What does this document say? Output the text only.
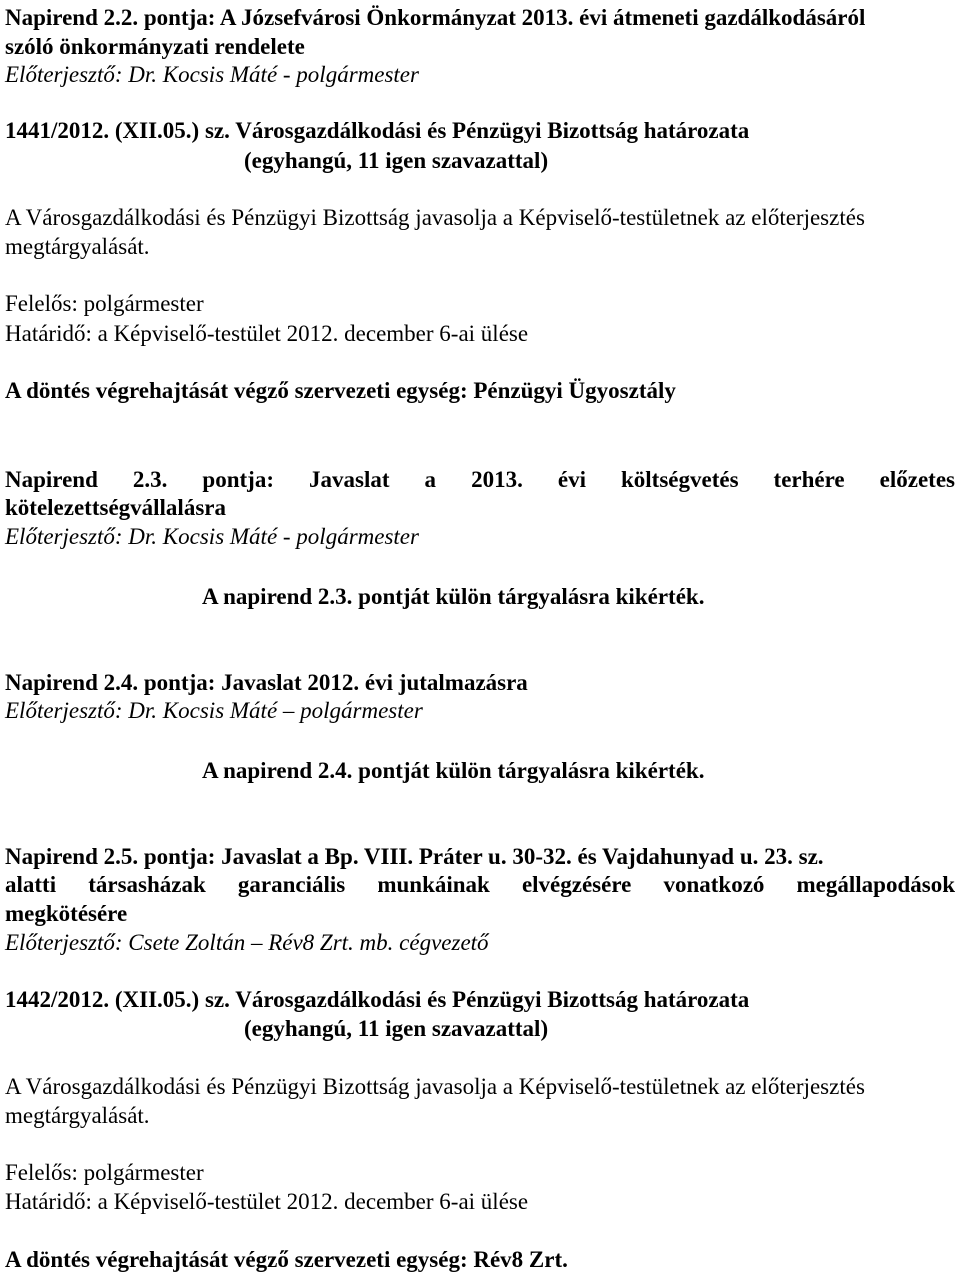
Napirend 2.2. pontja: A Józsefvárosi Önkormányzat 2013. évi átmeneti gazdálkodásáról
szóló önkormányzati rendelete
Előterjesztő: Dr. Kocsis Máté - polgármester
1441/2012. (XII.05.) sz. Városgazdálkodási és Pénzügyi Bizottság határozata
(egyhangú, 11 igen szavazattal)
A Városgazdálkodási és Pénzügyi Bizottság javasolja a Képviselő-testületnek az előterjesztés
megtárgyalását.
Felelős: polgármester
Határidő: a Képviselő-testület 2012. december 6-ai ülése
A döntés végrehajtását végző szervezeti egység: Pénzügyi Ügyosztály
Napirend 2.3. pontja: Javaslat a 2013. évi költségvetés terhére előzetes
kötelezettségvállalásra
Előterjesztő: Dr. Kocsis Máté - polgármester
A napirend 2.3. pontját külön tárgyalásra kikérték.
Napirend 2.4. pontja: Javaslat 2012. évi jutalmazásra
Előterjesztő: Dr. Kocsis Máté – polgármester
A napirend 2.4. pontját külön tárgyalásra kikérték.
Napirend 2.5. pontja: Javaslat a Bp. VIII. Práter u. 30-32. és Vajdahunyad u. 23. sz.
alatti társasházak garanciális munkáinak elvégzésére vonatkozó megállapodások
megkötésére
Előterjesztő: Csete Zoltán – Rév8 Zrt. mb. cégvezető
1442/2012. (XII.05.) sz. Városgazdálkodási és Pénzügyi Bizottság határozata
(egyhangú, 11 igen szavazattal)
A Városgazdálkodási és Pénzügyi Bizottság javasolja a Képviselő-testületnek az előterjesztés
megtárgyalását.
Felelős: polgármester
Határidő: a Képviselő-testület 2012. december 6-ai ülése
A döntés végrehajtását végző szervezeti egység: Rév8 Zrt.
